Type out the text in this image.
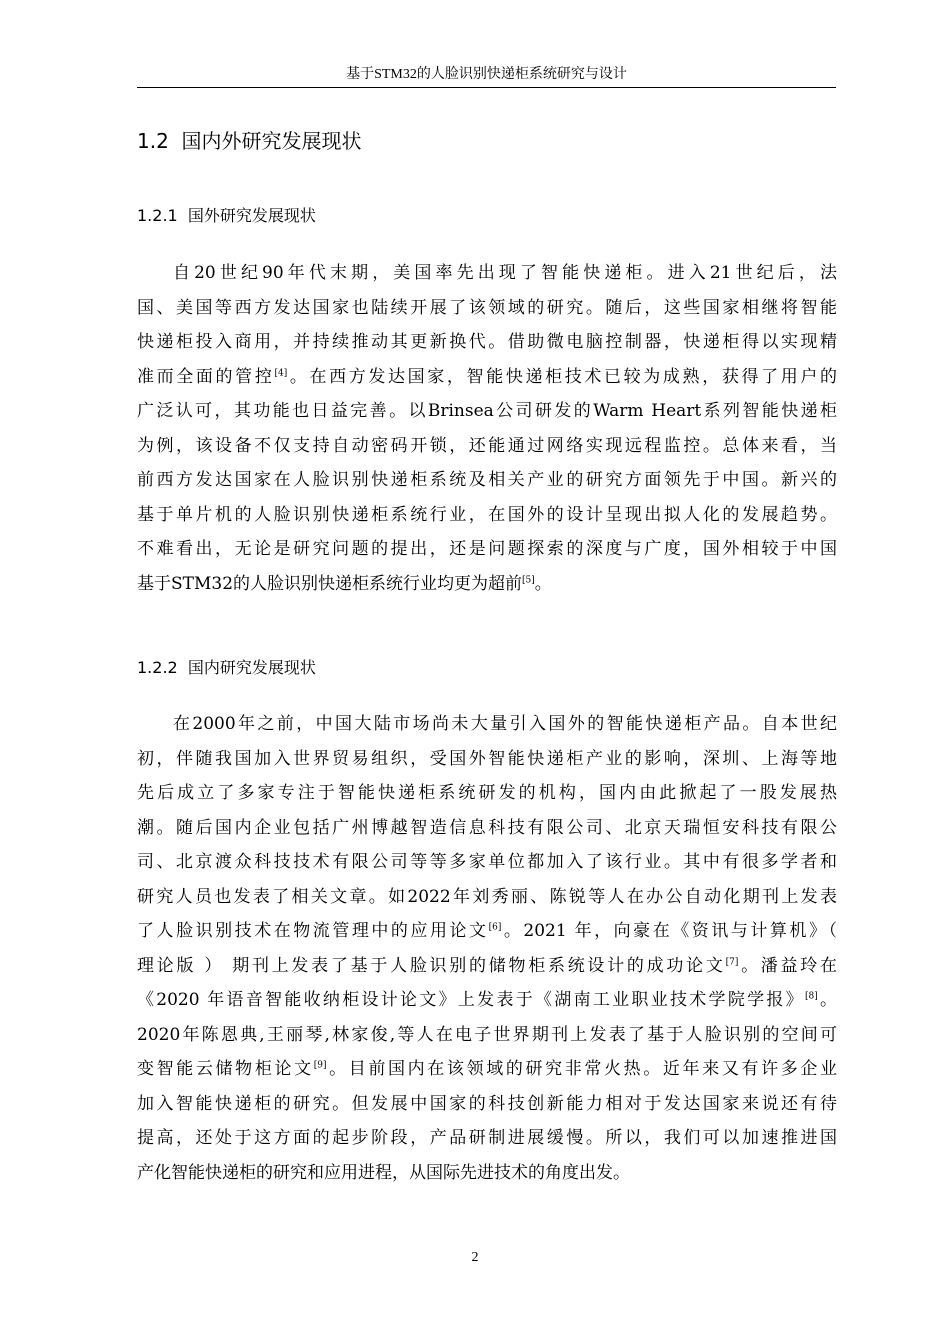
基于STM32的人脸识别快递柜系统研究与设计
1.2 国内外研究发展现状
1.2.1 国外研究发展现状
自20世纪90年代末期，美国率先出现了智能快递柜。进入21世纪后，法
国、美国等西方发达国家也陆续开展了该领域的研究。随后，这些国家相继将智能
快递柜投入商用，并持续推动其更新换代。借助微电脑控制器，快递柜得以实现精
准而全面的管控[4]。在西方发达国家，智能快递柜技术已较为成熟，获得了用户的
广泛认可，其功能也日益完善。以Brinsea公司研发的Warm Heart系列智能快递柜
为例，该设备不仅支持自动密码开锁，还能通过网络实现远程监控。总体来看，当
前西方发达国家在人脸识别快递柜系统及相关产业的研究方面领先于中国。新兴的
基于单片机的人脸识别快递柜系统行业，在国外的设计呈现出拟人化的发展趋势。
不难看出，无论是研究问题的提出，还是问题探索的深度与广度，国外相较于中国
基于STM32的人脸识别快递柜系统行业均更为超前[5]。
1.2.2 国内研究发展现状
在2000年之前，中国大陆市场尚未大量引入国外的智能快递柜产品。自本世纪
初，伴随我国加入世界贸易组织，受国外智能快递柜产业的影响，深圳、上海等地
先后成立了多家专注于智能快递柜系统研发的机构，国内由此掀起了一股发展热
潮。随后国内企业包括广州博越智造信息科技有限公司、北京天瑞恒安科技有限公
司、北京渡众科技技术有限公司等等多家单位都加入了该行业。其中有很多学者和
研究人员也发表了相关文章。如2022年刘秀丽、陈锐等人在办公自动化期刊上发表
了人脸识别技术在物流管理中的应用论文[6]。2021 年，向豪在《资讯与计算机》（
理论版 ） 期刊上发表了基于人脸识别的储物柜系统设计的成功论文[7]。潘益玲在
《2020 年语音智能收纳柜设计论文》上发表于《湖南工业职业技术学院学报》[8]。
2020年陈恩典,王丽琴,林家俊,等人在电子世界期刊上发表了基于人脸识别的空间可
变智能云储物柜论文[9]。目前国内在该领域的研究非常火热。近年来又有许多企业
加入智能快递柜的研究。但发展中国家的科技创新能力相对于发达国家来说还有待
提高，还处于这方面的起步阶段，产品研制进展缓慢。所以，我们可以加速推进国
产化智能快递柜的研究和应用进程，从国际先进技术的角度出发。
2
